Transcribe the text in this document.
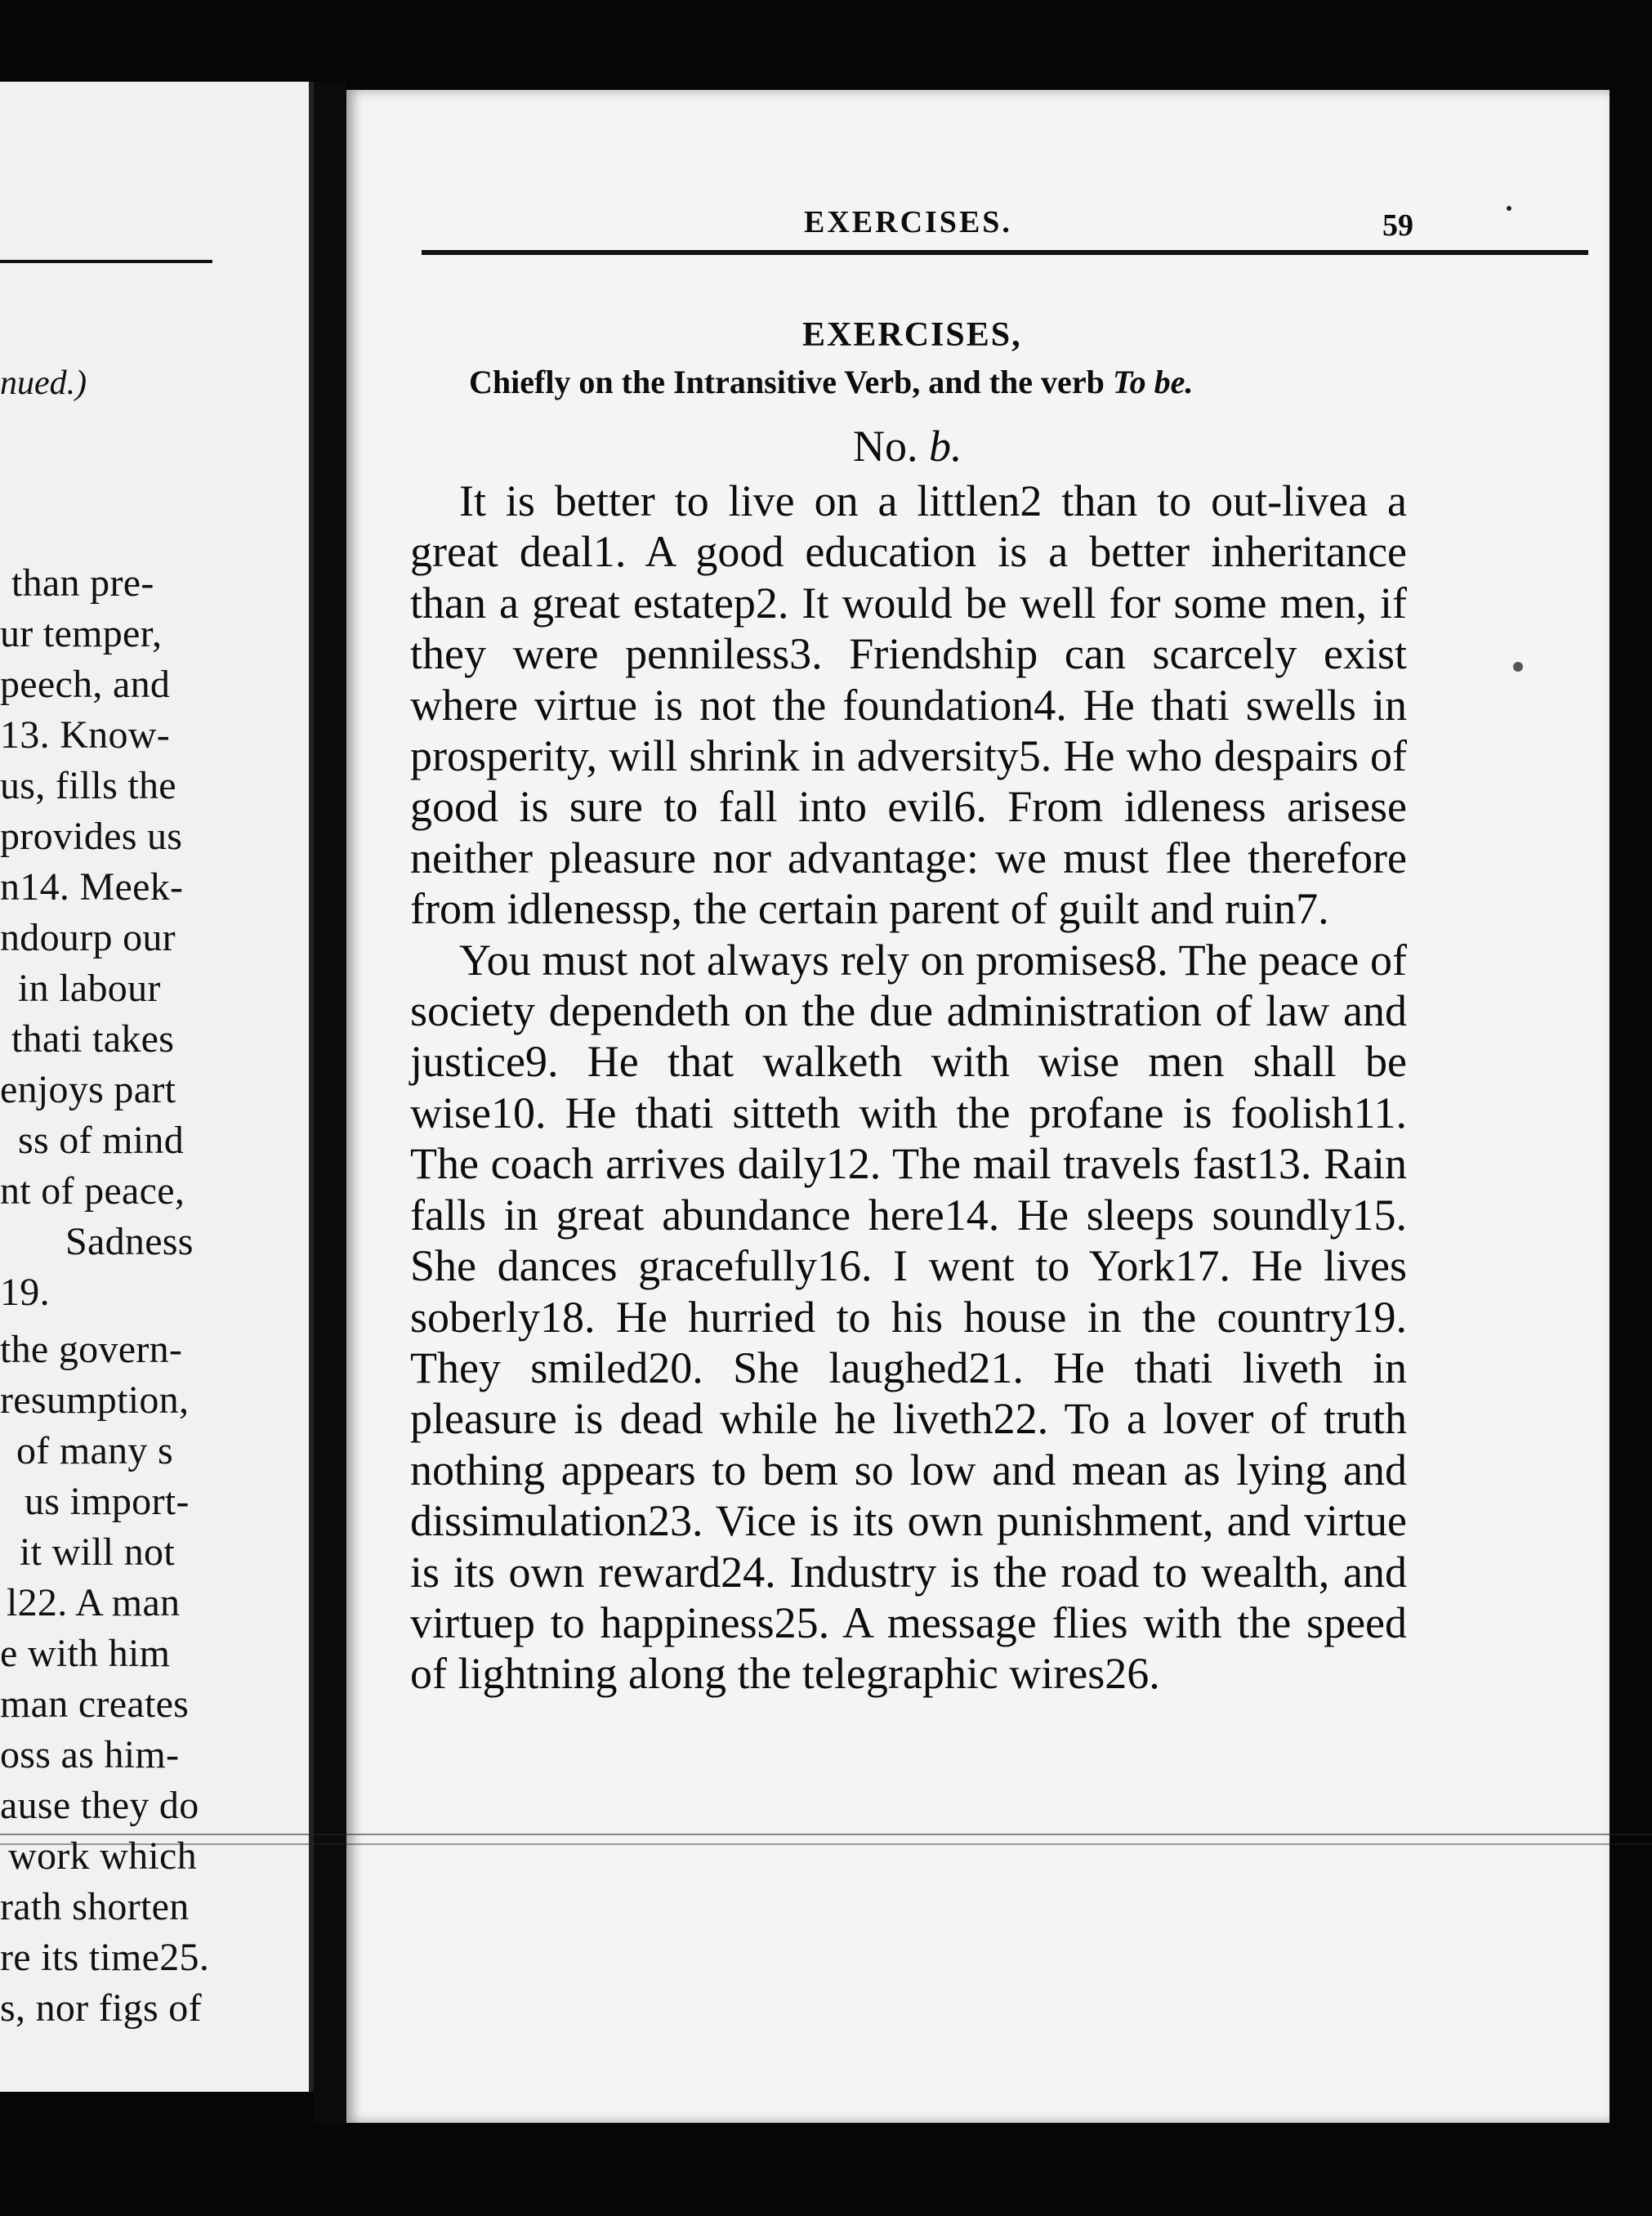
nued.)
than pre-
ur temper,
peech, and
13. Know-
us, fills the
provides us
n14. Meek-
ndourp our
in labour
thati takes
enjoys part
ss of mind
nt of peace,
Sadness
19.
the govern-
resumption,
of many s
us import-
it will not
l22. A man
e with him
man creates
oss as him-
ause they do
work which
rath shorten
re its time25.
s, nor figs of
EXERCISES.	59
EXERCISES,
Chiefly on the Intransitive Verb, and the verb To be.
No. b.

It is better to live on a littlen2 than to out-livea a great deal1. A good education is a better inheritance than a great estatep2. It would be well for some men, if they were penniless3. Friendship can scarcely exist where virtue is not the foundation4. He thati swells in prosperity, will shrink in adversity5. He who despairs of good is sure to fall into evil6. From idleness arisese neither pleasure nor advantage: we must flee therefore from idlenessp, the certain parent of guilt and ruin7.

You must not always rely on promises8. The peace of society dependeth on the due administration of law and justice9. He that walketh with wise men shall be wise10. He thati sitteth with the profane is foolish11. The coach arrives daily12. The mail travels fast13. Rain falls in great abundance here14. He sleeps soundly15. She dances gracefully16. I went to York17. He lives soberly18. He hurried to his house in the country19. They smiled20. She laughed21. He thati liveth in pleasure is dead while he liveth22. To a lover of truth nothing appears to bem so low and mean as lying and dissimulation23. Vice is its own punishment, and virtue is its own reward24. Industry is the road to wealth, and virtuep to happiness25. A message flies with the speed of lightning along the telegraphic wires26.
